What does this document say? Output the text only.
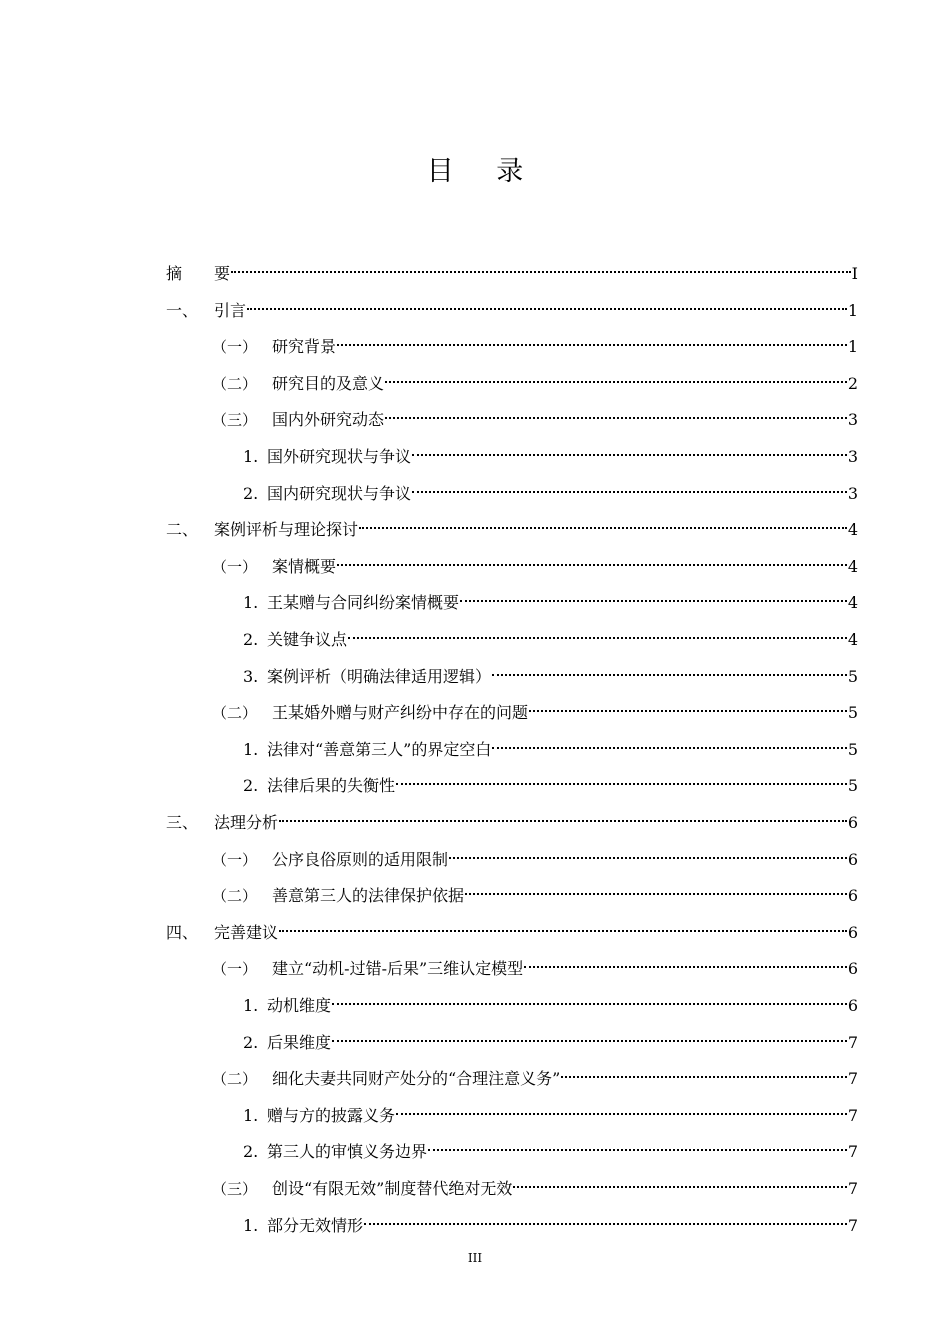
目 录
摘	要	I
一、 引言	1
（一） 研究背景	1
（二） 研究目的及意义	2
（三） 国内外研究动态	3
1. 国外研究现状与争议	3
2. 国内研究现状与争议	3
二、 案例评析与理论探讨	4
（一） 案情概要	4
1. 王某赠与合同纠纷案情概要	4
2. 关键争议点	4
3. 案例评析（明确法律适用逻辑）	5
（二） 王某婚外赠与财产纠纷中存在的问题	5
1. 法律对“善意第三人”的界定空白	5
2. 法律后果的失衡性	5
三、 法理分析	6
（一） 公序良俗原则的适用限制	6
（二） 善意第三人的法律保护依据	6
四、 完善建议	6
（一） 建立“动机-过错-后果”三维认定模型	6
1. 动机维度	6
2. 后果维度	7
（二） 细化夫妻共同财产处分的“合理注意义务”	7
1. 赠与方的披露义务	7
2. 第三人的审慎义务边界	7
（三） 创设“有限无效”制度替代绝对无效	7
1. 部分无效情形	7
III
